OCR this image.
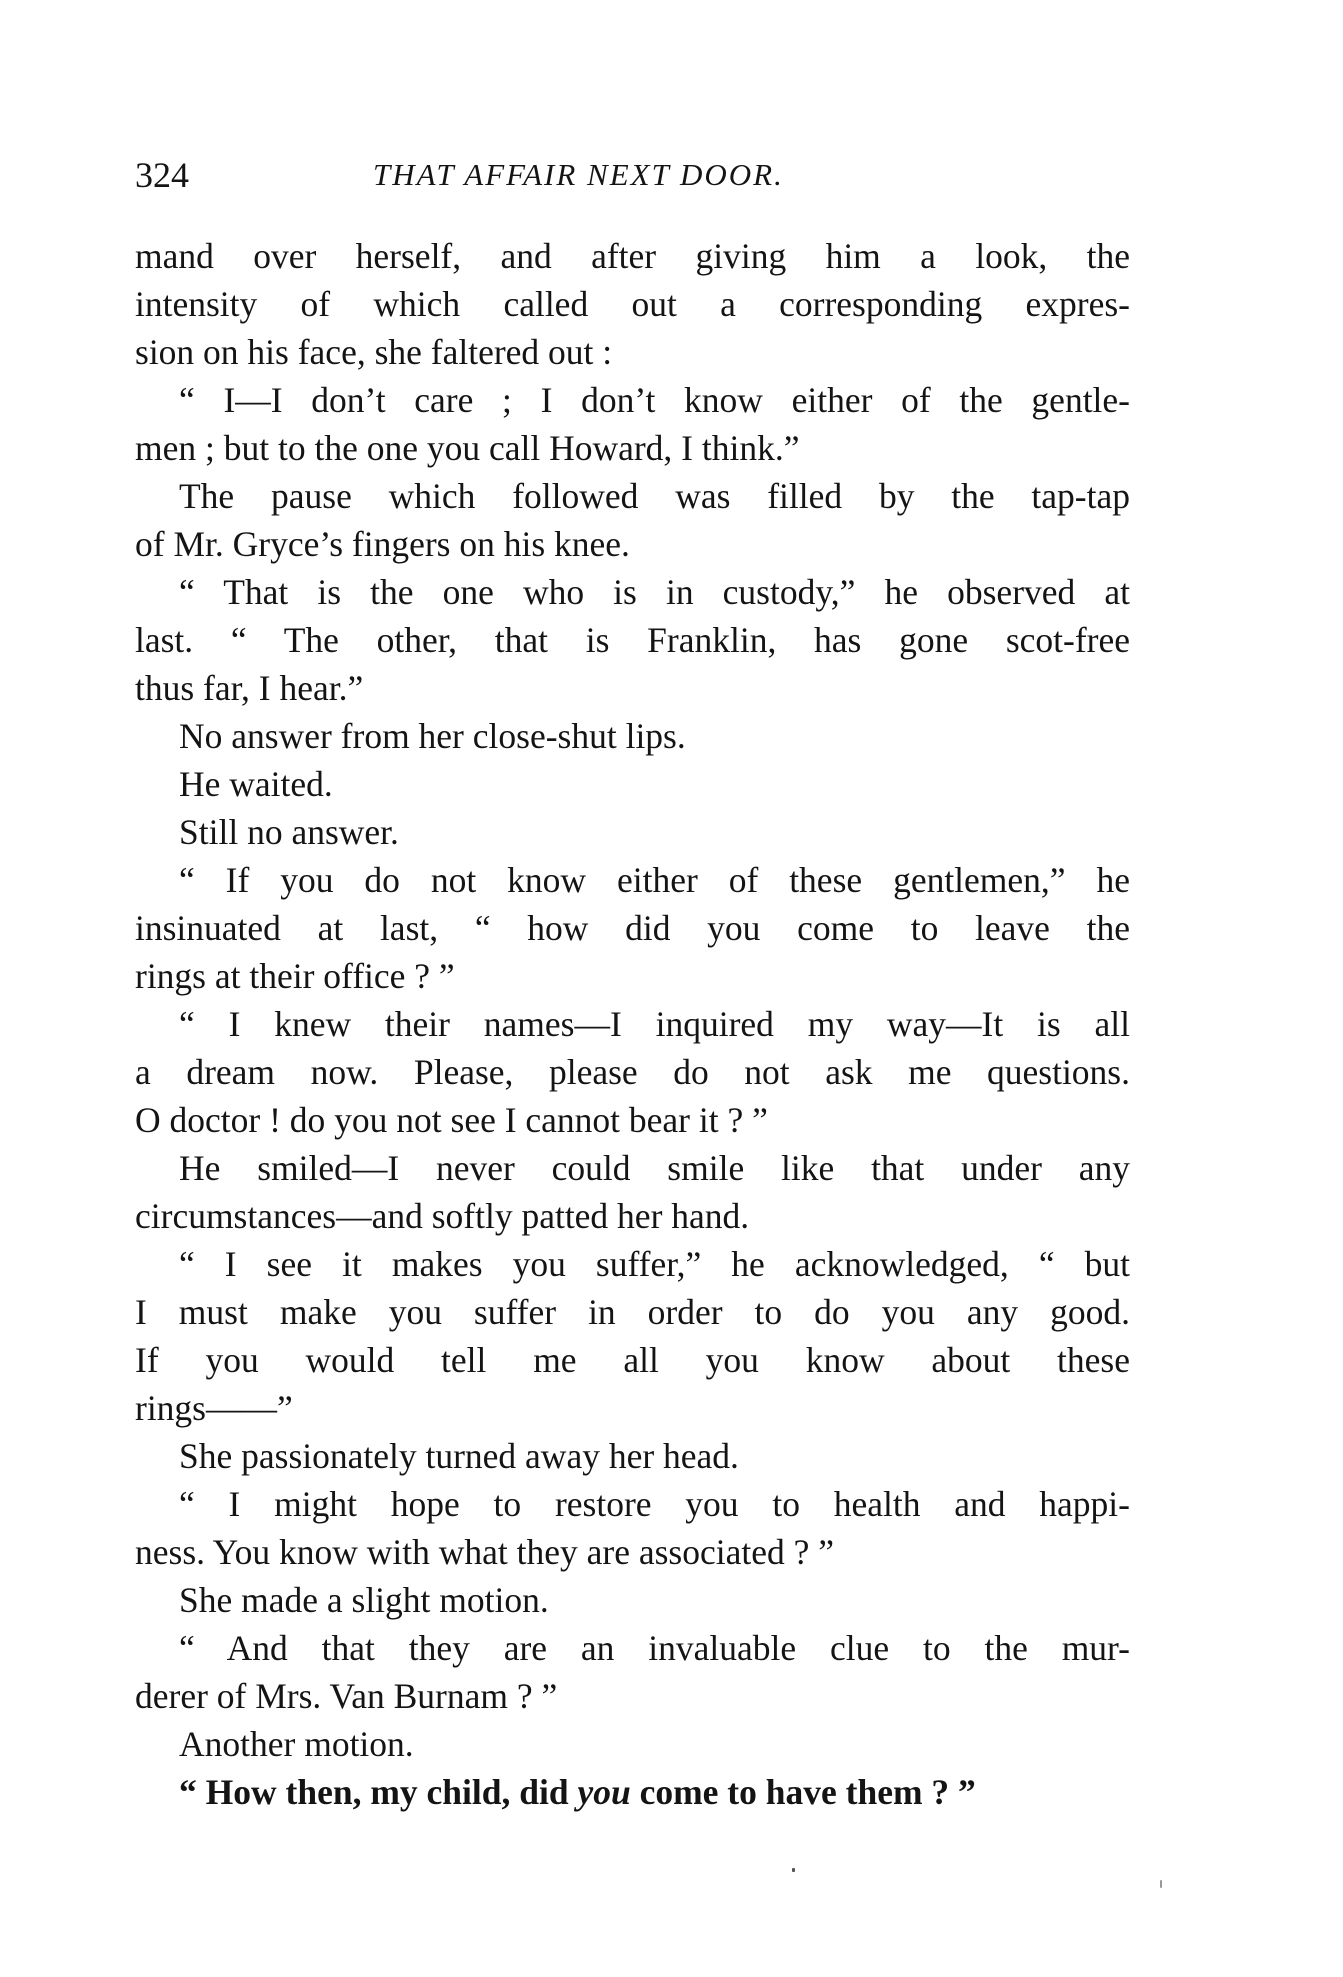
324	THAT AFFAIR NEXT DOOR.
mand over herself, and after giving him a look, the
intensity of which called out a corresponding expres-
sion on his face, she faltered out :
“ I—I don’t care ; I don’t know either of the gentle-
men ; but to the one you call Howard, I think.”
The pause which followed was filled by the tap-tap
of Mr. Gryce’s fingers on his knee.
“ That is the one who is in custody,” he observed at
last. “ The other, that is Franklin, has gone scot-free
thus far, I hear.”
No answer from her close-shut lips.
He waited.
Still no answer.
“ If you do not know either of these gentlemen,” he
insinuated at last, “ how did you come to leave the
rings at their office ? ”
“ I knew their names—I inquired my way—It is all
a dream now. Please, please do not ask me questions.
O doctor ! do you not see I cannot bear it ? ”
He smiled—I never could smile like that under any
circumstances—and softly patted her hand.
“ I see it makes you suffer,” he acknowledged, “ but
I must make you suffer in order to do you any good.
If you would tell me all you know about these
rings——”
She passionately turned away her head.
“ I might hope to restore you to health and happi-
ness. You know with what they are associated ? ”
She made a slight motion.
“ And that they are an invaluable clue to the mur-
derer of Mrs. Van Burnam ? ”
Another motion.
“ How then, my child, did you come to have them ? ”
